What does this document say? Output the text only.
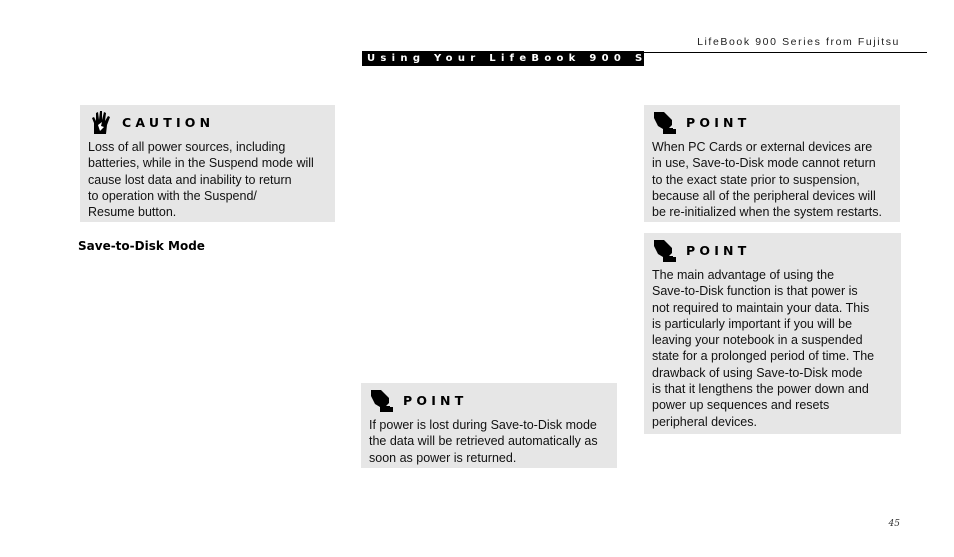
LifeBook 900 Series from Fujitsu
Using Your LifeBook 900 Series
CAUTION
Loss of all power sources, including
batteries, while in the Suspend mode will
cause lost data and inability to return
to operation with the Suspend/
Resume button.
Save-to-Disk Mode
POINT
If power is lost during Save-to-Disk mode
the data will be retrieved automatically as
soon as power is returned.
POINT
When PC Cards or external devices are
in use, Save-to-Disk mode cannot return
to the exact state prior to suspension,
because all of the peripheral devices will
be re-initialized when the system restarts.
POINT
The main advantage of using the
Save-to-Disk function is that power is
not required to maintain your data. This
is particularly important if you will be
leaving your notebook in a suspended
state for a prolonged period of time. The
drawback of using Save-to-Disk mode
is that it lengthens the power down and
power up sequences and resets
peripheral devices.
45
